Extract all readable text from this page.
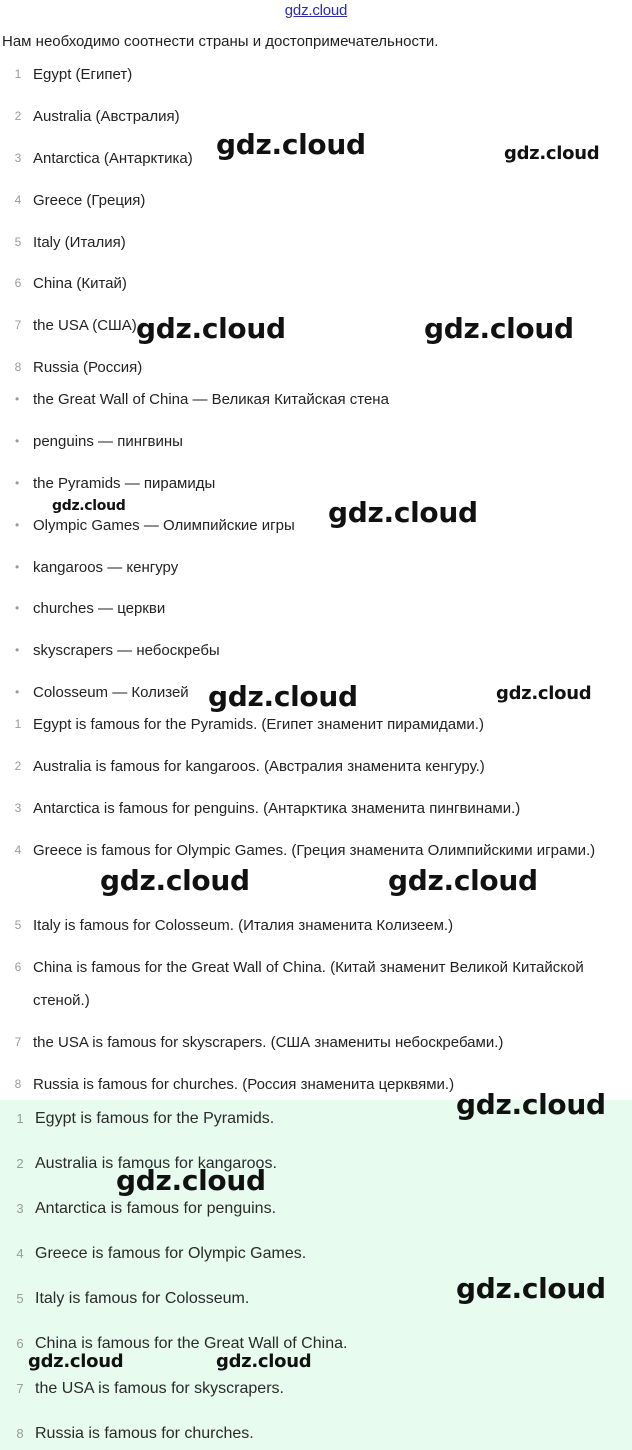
gdz.cloud
Нам необходимо соотнести страны и достопримечательности.
1 Egypt (Египет)
2 Australia (Австралия)
3 Antarctica (Антарктика)
4 Greece (Греция)
5 Italy (Италия)
6 China (Китай)
7 the USA (США)
8 Russia (Россия)
• the Great Wall of China — Великая Китайская стена
• penguins — пингвины
• the Pyramids — пирамиды
• Olympic Games — Олимпийские игры
• kangaroos — кенгуру
• churches — церкви
• skyscrapers — небоскребы
• Colosseum — Колизей
1 Egypt is famous for the Pyramids. (Египет знаменит пирамидами.)
2 Australia is famous for kangaroos. (Австралия знаменита кенгуру.)
3 Antarctica is famous for penguins. (Антарктика знаменита пингвинами.)
4 Greece is famous for Olympic Games. (Греция знаменита Олимпийскими играми.)
5 Italy is famous for Colosseum. (Италия знаменита Колизеем.)
6 China is famous for the Great Wall of China. (Китай знаменит Великой Китайской стеной.)
7 the USA is famous for skyscrapers. (США знамениты небоскребами.)
8 Russia is famous for churches. (Россия знаменита церквями.)
1 Egypt is famous for the Pyramids.
2 Australia is famous for kangaroos.
3 Antarctica is famous for penguins.
4 Greece is famous for Olympic Games.
5 Italy is famous for Colosseum.
6 China is famous for the Great Wall of China.
7 the USA is famous for skyscrapers.
8 Russia is famous for churches.
gdz.cloud	gdz.cloud
gdz.cloud	gdz.cloud
gdz.cloud	gdz.cloud
gdz.cloud	gdz.cloud
gdz.cloud	gdz.cloud
gdz.cloud
gdz.cloud
gdz.cloud
gdz.cloud	gdz.cloud
